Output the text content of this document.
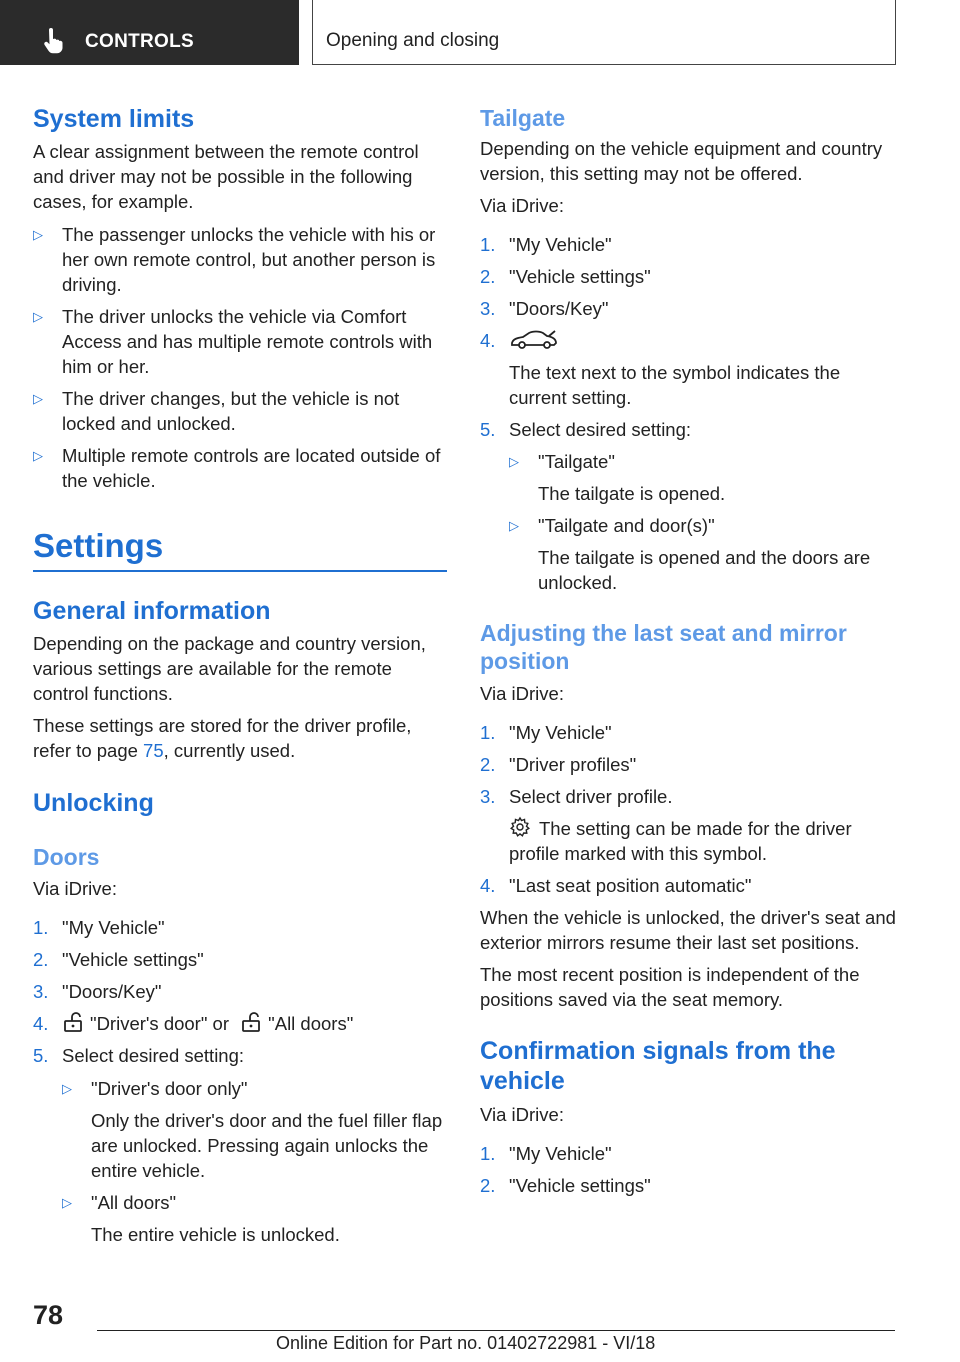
CONTROLS	Opening and closing
System limits

A clear assignment between the remote control and driver may not be possible in the following cases, for example.

▷ The passenger unlocks the vehicle with his or her own remote control, but another person is driving.
▷ The driver unlocks the vehicle via Comfort Access and has multiple remote controls with him or her.
▷ The driver changes, but the vehicle is not locked and unlocked.
▷ Multiple remote controls are located outside of the vehicle.
Settings
General information

Depending on the package and country version, various settings are available for the remote control functions.

These settings are stored for the driver profile, refer to page 75, currently used.

Unlocking
Doors

Via iDrive:

1. "My Vehicle"
2. "Vehicle settings"
3. "Doors/Key"
4. "Driver's door" or "All doors"
5. Select desired setting:
▷ "Driver's door only"
Only the driver's door and the fuel filler flap are unlocked. Pressing again unlocks the entire vehicle.
▷ "All doors"
The entire vehicle is unlocked.
Tailgate

Depending on the vehicle equipment and country version, this setting may not be offered.

Via iDrive:

1. "My Vehicle"
2. "Vehicle settings"
3. "Doors/Key"
4.
The text next to the symbol indicates the current setting.
5. Select desired setting:
▷ "Tailgate"
The tailgate is opened.
▷ "Tailgate and door(s)"
The tailgate is opened and the doors are unlocked.
Adjusting the last seat and mirror position

Via iDrive:

1. "My Vehicle"
2. "Driver profiles"
3. Select driver profile.
The setting can be made for the driver profile marked with this symbol.
4. "Last seat position automatic"

When the vehicle is unlocked, the driver's seat and exterior mirrors resume their last set positions.

The most recent position is independent of the positions saved via the seat memory.

Confirmation signals from the vehicle

Via iDrive:

1. "My Vehicle"
2. "Vehicle settings"
78
Online Edition for Part no. 01402722981 - VI/18
